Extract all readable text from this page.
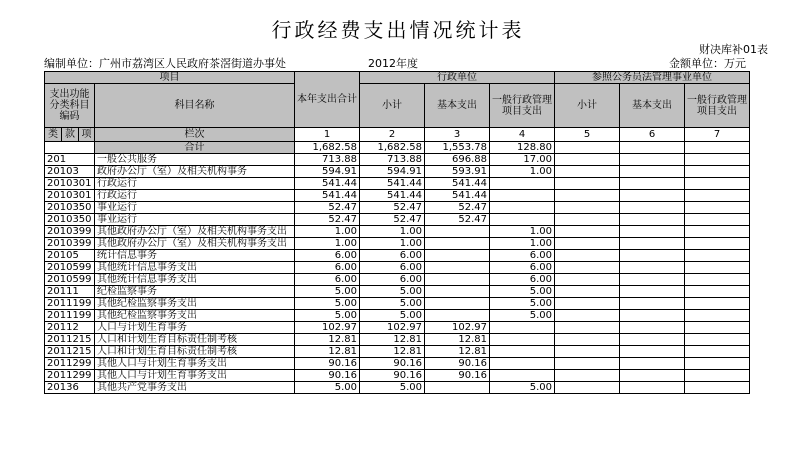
行政经费支出情况统计表
财决库补01表
编制单位：广州市荔湾区人民政府茶滘街道办事处	2012年度	金额单位：万元
项目				本年支出合计	行政单位			参照公务员法管理事业单位		
支出功能分类科目编码			科目名称		小计	基本支出	一般行政管理项目支出	小计	基本支出	一般行政管理项目支出
类	款	项	栏次	1	2	3	4	5	6	7
			合计	1,682.58	1,682.58	1,553.78	128.80			
201			一般公共服务	713.88	713.88	696.88	17.00			
20103			政府办公厅（室）及相关机构事务	594.91	594.91	593.91	1.00			
2010301			行政运行	541.44	541.44	541.44				
2010301			行政运行	541.44	541.44	541.44				
2010350			事业运行	52.47	52.47	52.47				
2010350			事业运行	52.47	52.47	52.47				
2010399			其他政府办公厅（室）及相关机构事务支出	1.00	1.00		1.00			
2010399			其他政府办公厅（室）及相关机构事务支出	1.00	1.00		1.00			
20105			统计信息事务	6.00	6.00		6.00			
2010599			其他统计信息事务支出	6.00	6.00		6.00			
2010599			其他统计信息事务支出	6.00	6.00		6.00			
20111			纪检监察事务	5.00	5.00		5.00			
2011199			其他纪检监察事务支出	5.00	5.00		5.00			
2011199			其他纪检监察事务支出	5.00	5.00		5.00			
20112			人口与计划生育事务	102.97	102.97	102.97				
2011215			人口和计划生育目标责任制考核	12.81	12.81	12.81				
2011215			人口和计划生育目标责任制考核	12.81	12.81	12.81				
2011299			其他人口与计划生育事务支出	90.16	90.16	90.16				
2011299			其他人口与计划生育事务支出	90.16	90.16	90.16				
20136			其他共产党事务支出	5.00	5.00		5.00			
